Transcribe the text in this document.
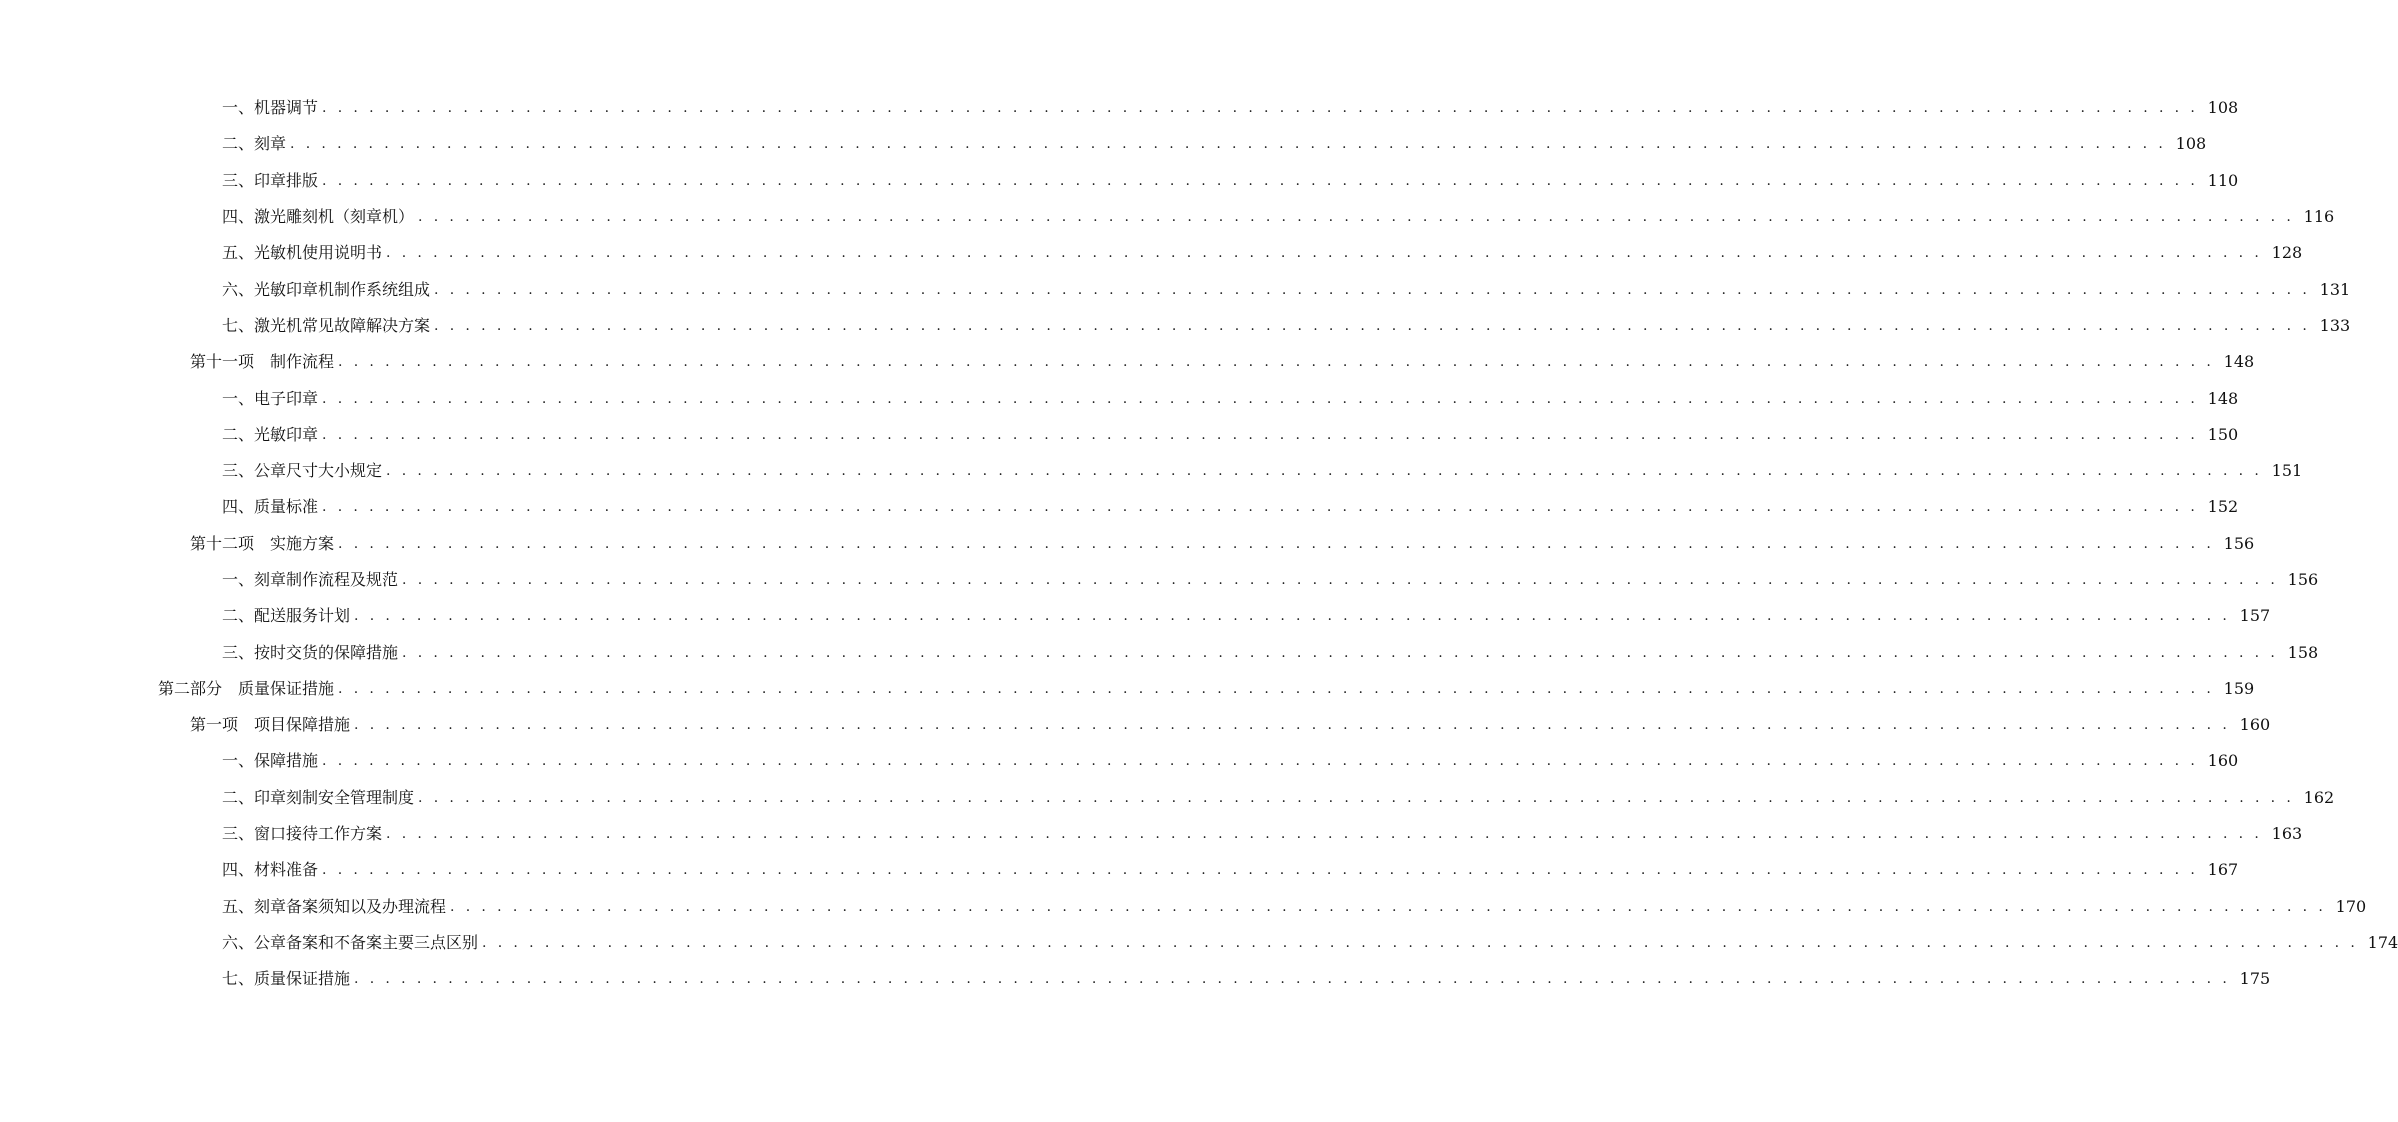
一、机器调节 . . . . . . . . . . . . . . . . . . . . . . . . . . . . . . . . . . . . . . . . . . . . . . . . . . . . . . . . . . . . . . . . . . . . . . . . . . . . . . . . . . . . . . . . . . . . . . . . . . . . . . . . . . . . . . . . . . . . . . . . 108
二、刻章 . . . . . . . . . . . . . . . . . . . . . . . . . . . . . . . . . . . . . . . . . . . . . . . . . . . . . . . . . . . . . . . . . . . . . . . . . . . . . . . . . . . . . . . . . . . . . . . . . . . . . . . . . . . . . . . . . . . . . . . . 108
三、印章排版 . . . . . . . . . . . . . . . . . . . . . . . . . . . . . . . . . . . . . . . . . . . . . . . . . . . . . . . . . . . . . . . . . . . . . . . . . . . . . . . . . . . . . . . . . . . . . . . . . . . . . . . . . . . . . . . . . . . . . . . . 110
四、激光雕刻机（刻章机） . . . . . . . . . . . . . . . . . . . . . . . . . . . . . . . . . . . . . . . . . . . . . . . . . . . . . . . . . . . . . . . . . . . . . . . . . . . . . . . . . . . . . . . . . . . . . . . . . . . . . . . . . . . . . . . . . . . . . . . . 116
五、光敏机使用说明书 . . . . . . . . . . . . . . . . . . . . . . . . . . . . . . . . . . . . . . . . . . . . . . . . . . . . . . . . . . . . . . . . . . . . . . . . . . . . . . . . . . . . . . . . . . . . . . . . . . . . . . . . . . . . . . . . . . . . . . . . 128
六、光敏印章机制作系统组成 . . . . . . . . . . . . . . . . . . . . . . . . . . . . . . . . . . . . . . . . . . . . . . . . . . . . . . . . . . . . . . . . . . . . . . . . . . . . . . . . . . . . . . . . . . . . . . . . . . . . . . . . . . . . . . . . . . . . . . . . 131
七、激光机常见故障解决方案 . . . . . . . . . . . . . . . . . . . . . . . . . . . . . . . . . . . . . . . . . . . . . . . . . . . . . . . . . . . . . . . . . . . . . . . . . . . . . . . . . . . . . . . . . . . . . . . . . . . . . . . . . . . . . . . . . . . . . . . . 133
第十一项　制作流程 . . . . . . . . . . . . . . . . . . . . . . . . . . . . . . . . . . . . . . . . . . . . . . . . . . . . . . . . . . . . . . . . . . . . . . . . . . . . . . . . . . . . . . . . . . . . . . . . . . . . . . . . . . . . . . . . . . . . . . . . 148
一、电子印章 . . . . . . . . . . . . . . . . . . . . . . . . . . . . . . . . . . . . . . . . . . . . . . . . . . . . . . . . . . . . . . . . . . . . . . . . . . . . . . . . . . . . . . . . . . . . . . . . . . . . . . . . . . . . . . . . . . . . . . . . 148
二、光敏印章 . . . . . . . . . . . . . . . . . . . . . . . . . . . . . . . . . . . . . . . . . . . . . . . . . . . . . . . . . . . . . . . . . . . . . . . . . . . . . . . . . . . . . . . . . . . . . . . . . . . . . . . . . . . . . . . . . . . . . . . . 150
三、公章尺寸大小规定 . . . . . . . . . . . . . . . . . . . . . . . . . . . . . . . . . . . . . . . . . . . . . . . . . . . . . . . . . . . . . . . . . . . . . . . . . . . . . . . . . . . . . . . . . . . . . . . . . . . . . . . . . . . . . . . . . . . . . . . . 151
四、质量标准 . . . . . . . . . . . . . . . . . . . . . . . . . . . . . . . . . . . . . . . . . . . . . . . . . . . . . . . . . . . . . . . . . . . . . . . . . . . . . . . . . . . . . . . . . . . . . . . . . . . . . . . . . . . . . . . . . . . . . . . . 152
第十二项　实施方案 . . . . . . . . . . . . . . . . . . . . . . . . . . . . . . . . . . . . . . . . . . . . . . . . . . . . . . . . . . . . . . . . . . . . . . . . . . . . . . . . . . . . . . . . . . . . . . . . . . . . . . . . . . . . . . . . . . . . . . . . 156
一、刻章制作流程及规范 . . . . . . . . . . . . . . . . . . . . . . . . . . . . . . . . . . . . . . . . . . . . . . . . . . . . . . . . . . . . . . . . . . . . . . . . . . . . . . . . . . . . . . . . . . . . . . . . . . . . . . . . . . . . . . . . . . . . . . . . 156
二、配送服务计划 . . . . . . . . . . . . . . . . . . . . . . . . . . . . . . . . . . . . . . . . . . . . . . . . . . . . . . . . . . . . . . . . . . . . . . . . . . . . . . . . . . . . . . . . . . . . . . . . . . . . . . . . . . . . . . . . . . . . . . . . 157
三、按时交货的保障措施 . . . . . . . . . . . . . . . . . . . . . . . . . . . . . . . . . . . . . . . . . . . . . . . . . . . . . . . . . . . . . . . . . . . . . . . . . . . . . . . . . . . . . . . . . . . . . . . . . . . . . . . . . . . . . . . . . . . . . . . . 158
第二部分　质量保证措施 . . . . . . . . . . . . . . . . . . . . . . . . . . . . . . . . . . . . . . . . . . . . . . . . . . . . . . . . . . . . . . . . . . . . . . . . . . . . . . . . . . . . . . . . . . . . . . . . . . . . . . . . . . . . . . . . . . . . . . . . 159
第一项　项目保障措施 . . . . . . . . . . . . . . . . . . . . . . . . . . . . . . . . . . . . . . . . . . . . . . . . . . . . . . . . . . . . . . . . . . . . . . . . . . . . . . . . . . . . . . . . . . . . . . . . . . . . . . . . . . . . . . . . . . . . . . . . 160
一、保障措施 . . . . . . . . . . . . . . . . . . . . . . . . . . . . . . . . . . . . . . . . . . . . . . . . . . . . . . . . . . . . . . . . . . . . . . . . . . . . . . . . . . . . . . . . . . . . . . . . . . . . . . . . . . . . . . . . . . . . . . . . 160
二、印章刻制安全管理制度 . . . . . . . . . . . . . . . . . . . . . . . . . . . . . . . . . . . . . . . . . . . . . . . . . . . . . . . . . . . . . . . . . . . . . . . . . . . . . . . . . . . . . . . . . . . . . . . . . . . . . . . . . . . . . . . . . . . . . . . . 162
三、窗口接待工作方案 . . . . . . . . . . . . . . . . . . . . . . . . . . . . . . . . . . . . . . . . . . . . . . . . . . . . . . . . . . . . . . . . . . . . . . . . . . . . . . . . . . . . . . . . . . . . . . . . . . . . . . . . . . . . . . . . . . . . . . . . 163
四、材料准备 . . . . . . . . . . . . . . . . . . . . . . . . . . . . . . . . . . . . . . . . . . . . . . . . . . . . . . . . . . . . . . . . . . . . . . . . . . . . . . . . . . . . . . . . . . . . . . . . . . . . . . . . . . . . . . . . . . . . . . . . 167
五、刻章备案须知以及办理流程 . . . . . . . . . . . . . . . . . . . . . . . . . . . . . . . . . . . . . . . . . . . . . . . . . . . . . . . . . . . . . . . . . . . . . . . . . . . . . . . . . . . . . . . . . . . . . . . . . . . . . . . . . . . . . . . . . . . . . . . . 170
六、公章备案和不备案主要三点区别 . . . . . . . . . . . . . . . . . . . . . . . . . . . . . . . . . . . . . . . . . . . . . . . . . . . . . . . . . . . . . . . . . . . . . . . . . . . . . . . . . . . . . . . . . . . . . . . . . . . . . . . . . . . . . . . . . . . . . . . . 174
七、质量保证措施 . . . . . . . . . . . . . . . . . . . . . . . . . . . . . . . . . . . . . . . . . . . . . . . . . . . . . . . . . . . . . . . . . . . . . . . . . . . . . . . . . . . . . . . . . . . . . . . . . . . . . . . . . . . . . . . . . . . . . . . . 175
